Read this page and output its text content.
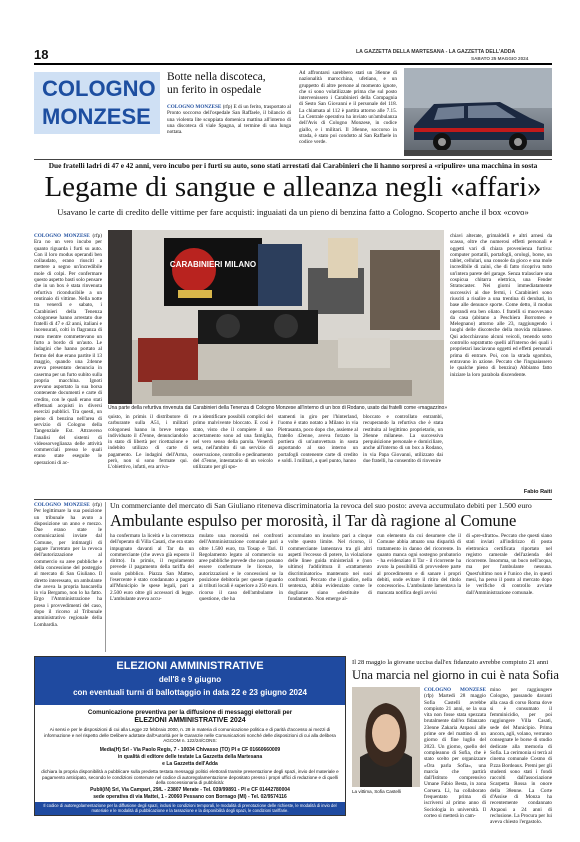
18	LA GAZZETTA DELLA MARTESANA - LA GAZZETTA DELL'ADDA
SABATO 25 MAGGIO 2024
COLOGNO
MONZESE
Botte nella discoteca,
un ferito in ospedale
COLOGNO MONZESE (rfp) E di un ferito, trasportato al Pronto soccorso dell'ospedale San Raffaele, il bilancio di una violenta lite scoppiata domenica mattina all'interno di una discoteca di viale Spagna, al termine di una lunga nottata.
Ad affrontarsi sarebbero stati un 36enne di nazionalità marocchina, ufetiano, e un gruppetto di altre persone al momento ignote, che si sono volatilizzate prima che sul posto intervenissero i Carabinieri della Compagnia di Sesto San Giovanni e il personale del 118. La chiamata al 112 è partita attorno alle 7.15. La Centrale operativa ha inviato un'ambulanza dell'Avis di Cologno Monzese, in codice giallo, e i militari. Il 36enne, soccorso in strada, è stato poi condotto al San Raffaele in codice verde.
Due fratelli ladri di 47 e 42 anni, vero incubo per i furti su auto, sono stati arrestati dai Carabinieri che li hanno sorpresi a «ripulire» una macchina in sosta
Legame di sangue e alleanza negli «affari»
Usavano le carte di credito delle vittime per fare acquisti: inguaiati da un pieno di benzina fatto a Cologno. Scoperto anche il box «covo»
COLOGNO MONZESE (rfp) Era no un vero incubo per quanto riguarda i furti su auto. Con il loro modus operandi ben collaudato, erano riusciti a mettere a segno un'incredibile mole di colpi. Per confermare questo aspetto basti solo pensare che in un box è stata rinvenuta refurtiva riconducibile a un centinaio di vittime. Nella notte tra venerdì e sabato, i Carabinieri della Tenenza cologonese hanno arrestato due fratelli di 47 e 42 anni, italiani e incensurati, colti in flagranza di reato mentre commettevano un furto a bordo di un'auto. Le indagini che hanno portato al fermo del due erano partite il 13 maggio, quando una 24enne aveva presentato denuncia in caserma per un furto subito sulla propria macchina. Ignoti avevano asportato la sua borsa contenente documenti e carte di credito, con le quali erano stati effettuati acquisti in diversi esercizi pubblici. Tra questi, un pieno di benzina nell'area di servizio di Cologno della Tangenziale Est. Attraverso l'analisi del sistemi di videosorveglianza delle attività commerciali presso le quali erano state eseguite le operazioni di ac-
CARABINIERI MILANO
Una parte della refurtiva rinvenuta dai Carabinieri della Tenenza di Cologno Monzese all'interno di un box di Rodano, usato dai fratelli come «magazzino»
quisto, in primis il distributore di carburante sulla A51, i militari cologonesi hanno in breve tempo individuato il 47enne, denunciandolo in stato di libertà per ricettazione e indebito utilizzo di carte di pagamento. Le indagini dell'Arma, però, non si sono fermate qui. L'obiettivo, infatti, era arriva-
re a identificare possibili complici del primo malvivente bloccato. E così è stato, visto che il compiere il suo accertamento sono ad una famiglia, nel vero senso della parola. Venerdì sera, nell'ambito di un servizio di osservazione, controllo e pedinamento del 47enne, intestatario di un veicolo utilizzato per gli spo-
stamenti in giro per l'hinterland, l'uomo è stato notato a Milano in via Pietrasanta, poco dopo che, assieme al fratello 42enne, aveva forzato la portiera di un'autovettura in sosta asportando al suo interno un portafogli contenente carte di credito e soldi. I militari, a quel punto, hanno
bloccato e controllato entrambi, recuperando la refurtiva che è stata restituita al legittimo proprietario, un 26enne milanese. La successiva perquisizione personale e domiciliare, anche all'interno di un box a Rodano, in via Papa Giovanni, utilizzato dai due fratelli, ha consentito di rinvenire
chiavi alterate, grimaldelli e altri arnesi da scasso, oltre che numerosi effetti personali e oggetti vari di chiara provenienza furtiva: computer portatili, portafogli, orologi, borse, un tablet, cellulari, una console da gioco e una mole incredibile di zaini, che di fatto ricopriva tutto un'intera parete del garage. Senza tralasciare una cospicua chitarra elettrica, una Fender Stratocaster. Nei giorni immediatamente successivi ai due fermi, i Carabinieri sono riusciti a risalire a una trentina di derubati, in base alle denunce sporte. Come detto, il modus operandi era ben oliato. I fratelli si muovevano da casa (abitano a Peschiera Borromeo e Melegnano) attorno alle 23, raggiungendo i luoghi delle discoteche della movida milanese. Qui adocchiavano alcuni veicoli, tenendo sotto controllo soprattutto quelli all'interno dei quali i proprietari lasciavano oggetti ed effetti personali prima di entrare. Poi, con la strada sgombra, entravano in azione. Peccato che l'inguaiassero le qualche pieno di benzina) Abbiamo fatto iniziare la loro parabola discendente.
Fabio Raiti
COLOGNO MONZESE (rfp) Per legittimare la sua posizione un tribunale ha avuto a disposizione un anno e mezzo. Due erano state le comunicazioni inviate dal Comune, per intimargli di pagare l'arretrato per la revoca dell'autorizzazione al commercio su aree pubbliche e della concessione del posteggio al mercato di San Giuliano. Il diretto interessato, un ambulante che aveva la propria bancarella in via Bergamo, non lo ha fatto. Ergo l'Amministrazione ha preso i provvedimenti del caso, dopo il ricorso al Tribunale amministrativo regionale della Lombardia.
Un commerciante del mercato di San Giuliano riteneva discriminatoria la revoca del suo posto: aveva accumulato debiti per 1.500 euro
Ambulante espulso per morosità, il Tar dà ragione al Comune
ha confermato la liceità e la correttezza dell'operato di Villa Casati, che era stato impugnato davanti al Tar da un commerciante (che aveva già esposto il diritto). In primis, il regolamento prevede il pagamento della tariffa del suolo pubblico. Piazza San Matteo, l'esercente è stato condannato a pagare all'Municipio le spese legali, pari a 2.500 euro oltre gli accessori di legge. L'ambulante aveva accu-
mulato una morosità nei confronti dell'Amministrazione comunale pari a oltre 1.500 euro, tra Tosap e Tari. Il Regolamento legato al commercio su aree pubbliche prevede che non possano essere confermate le licenze, le autorizzazioni e le concessioni se la posizione debitoria per queste riguardo ai tributi locali è superiore a 250 euro. Il ricorso il caso dell'ambulante in questione, che ha
accumulato un insoluto pari a cinque volte questo limite. Nel ricorso, il commerciante lamentava tra gli altri aspetti l'eccesso di potere, la violazione delle linee guida ministeriali e (non ultimo) l'addirittura il «trattamento discriminatorio» mantenuto nei suoi confronti. Peccato che il giudice, nella sentenza, abbia evidenziato come le doglianze siano «destituite di fondamento. Non emerge al-
cun elemento da cui desumere che il Comune abbia attuato una disparità di trattamento in danno del ricorrente. In quanto manca ogni sostegno probatorio - ha evidenziato il Tar - il ricorrente ha avuto la possibilità di provvedere parte al procedimento e di sanare i propri debiti, onde evitare il ritiro del titolo concessorio». L'ambulante lamentava la mancata notifica degli avvisi
di «pre-sfratto». Peccato che questi siano stati inviati all'indirizzo di posta elettronica certificata riportato nel registro camerale dell'azienda del ricorrente. Insomma, un buco nell'acqua, ma per l'ambulante nessuna. Quest'ultimo non è l'unico che, in questi mesi, ha perso il posto al mercato dopo le verifiche di controllo avviate dall'Amministrazione comunale.
ELEZIONI AMMINISTRATIVE
dell'8 e 9 giugno
con eventuali turni di ballottaggio in data 22 e 23 giugno 2024
Comunicazione preventiva per la diffusione di messaggi elettorali per
ELEZIONI AMMINISTRATIVE 2024
Ai sensi e per le disposizioni di cui alla Legge 22 febbraio 2000, n. 28 in materia di comunicazione politica e di parità d'accesso ai mezzi di informazione e nel rispetto delle Delibere adottate dall'Autorità per le Garanzie nelle Comunicazioni nonché delle disposizioni di cui alla delibera AGCOM n. 122/24/CONS:
Media(H) Srl - Via Paolo Regis, 7 - 10034 Chivasso (TO) PI e CF 01660660009
in qualità di editore delle testate La Gazzetta della Martesana
e La Gazzetta dell'Adda
dichiara la propria disponibilità a pubblicare sulla predetta testata messaggi politici elettorali tramite presentazione degli spazi, invio del materiale e pagamento anticipato, secondo le condizioni contenute nel codice di autoregolamentazione depositato presso i propri uffici di redazione e di quelli della concessionaria di pubblicità:
Publi(iN) Srl, Via Campari, 29/L - 23807 Merate - Tel. 039/99891 - PI e CF 01442780004
sede operativa di via Mattei, 1 - 20060 Pessano con Bornago (MI) - Tel. 02/9574116
Il codice di autoregolamentazione per la diffusione degli spazi, inclusi le condizioni temporali, le modalità di prenotazione delle richieste, le modalità di invio del materiale e le modalità di pubblicazione e la tassazione e la disponibilità degli spazi, le condizioni tariffarie.
Il 28 maggio la giovane uccisa dall'ex fidanzato avrebbe compiuto 21 anni
Una marcia nel giorno in cui è nata Sofia
La vittima, Sofia Castelli
COLOGNO MONZESE (rfp) Martedì 28 maggio Sofia Castelli avrebbe compiuto 21 anni, se la sua vita non fosse stata spezzata brutalmente dall'ex fidanzato 23enne Zakaria Atqaoui alle prime ore del mattino di un giorno di fine luglio del 2023. Un giorno, quello del compleanno di Sofia, che è stato scelto per organizzare «Ora parla Sofia», una marcia che partirà dall'Istituto comprensivo Umane Fabio Besta, in zona Corsera. Lì, ha collaborato frequentato prima di iscriversi al primo anno di Sociologia in università. Il corteo si metterà in cam-
mino per raggiungere Cologno, passando davanti alla casa di corso Roma dove si è consumato il femminicidio, per poi raggiungere Villa Casati, sede del Municipio. Prima ancora, agli, volano, verranno consegnate le borse di studio dedicate alla memoria di Sofia. La cerimonia si terrà al cinema comunale Cosmo di P.zza Bordeaux. Premi per gli studenti sono stati i fondi raccolti dall'associazione Scarpetta Rossa in onore della 38enne. La Corte d'Assise di Monza ha recentemente condannato Atqaoui a 24 anni di reclusione. La Procura per lui aveva chiesto l'ergastolo.
